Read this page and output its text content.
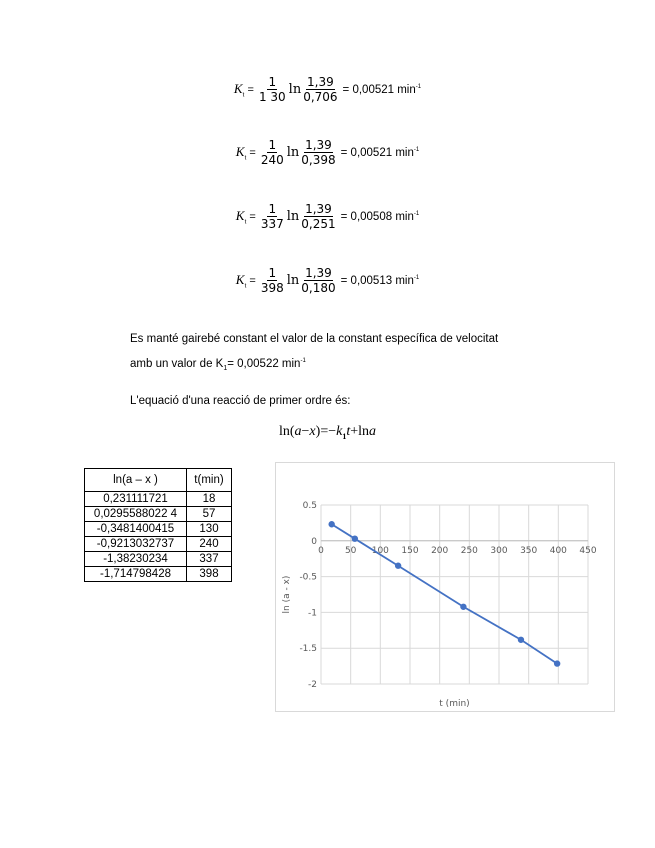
$K_t = \frac{1}{1 30}$ $\ln \frac{1,39}{0,706} = 0,00521$ $\min^{-1}$
$K_t = \frac{1}{240}$ $\ln \frac{1,39}{0,398} = 0,00521$ $\min^{-1}$
$K_t = \frac{1}{337}$ $\ln \frac{1,39}{0,251} = 0,00508$ $\min^{-1}$
$K_t = \frac{1}{398}$ $\ln \frac{1,39}{0,180} = 0,00513$ $\min^{-1}$
Es manté gairebé constant el valor de la constant específica de velocitat
amb un valor de $K_1= 0,00522$ $\min^{-1}$
L'equació d'una reacció de primer ordre és:
$\ln(a-x)=-k_1t+\ln a$
ln(a – x )	t(min)
0,231111721	18
0,0295588022 4	57
-0,3481400415	130
-0,9213032737	240
-1,38230234	337
-1,714798428	398
0 50 100 150 200 250 300 350 400 450
0.5
0
-0.5
-1
-1.5
-2
t (min)
ln (a - x)
